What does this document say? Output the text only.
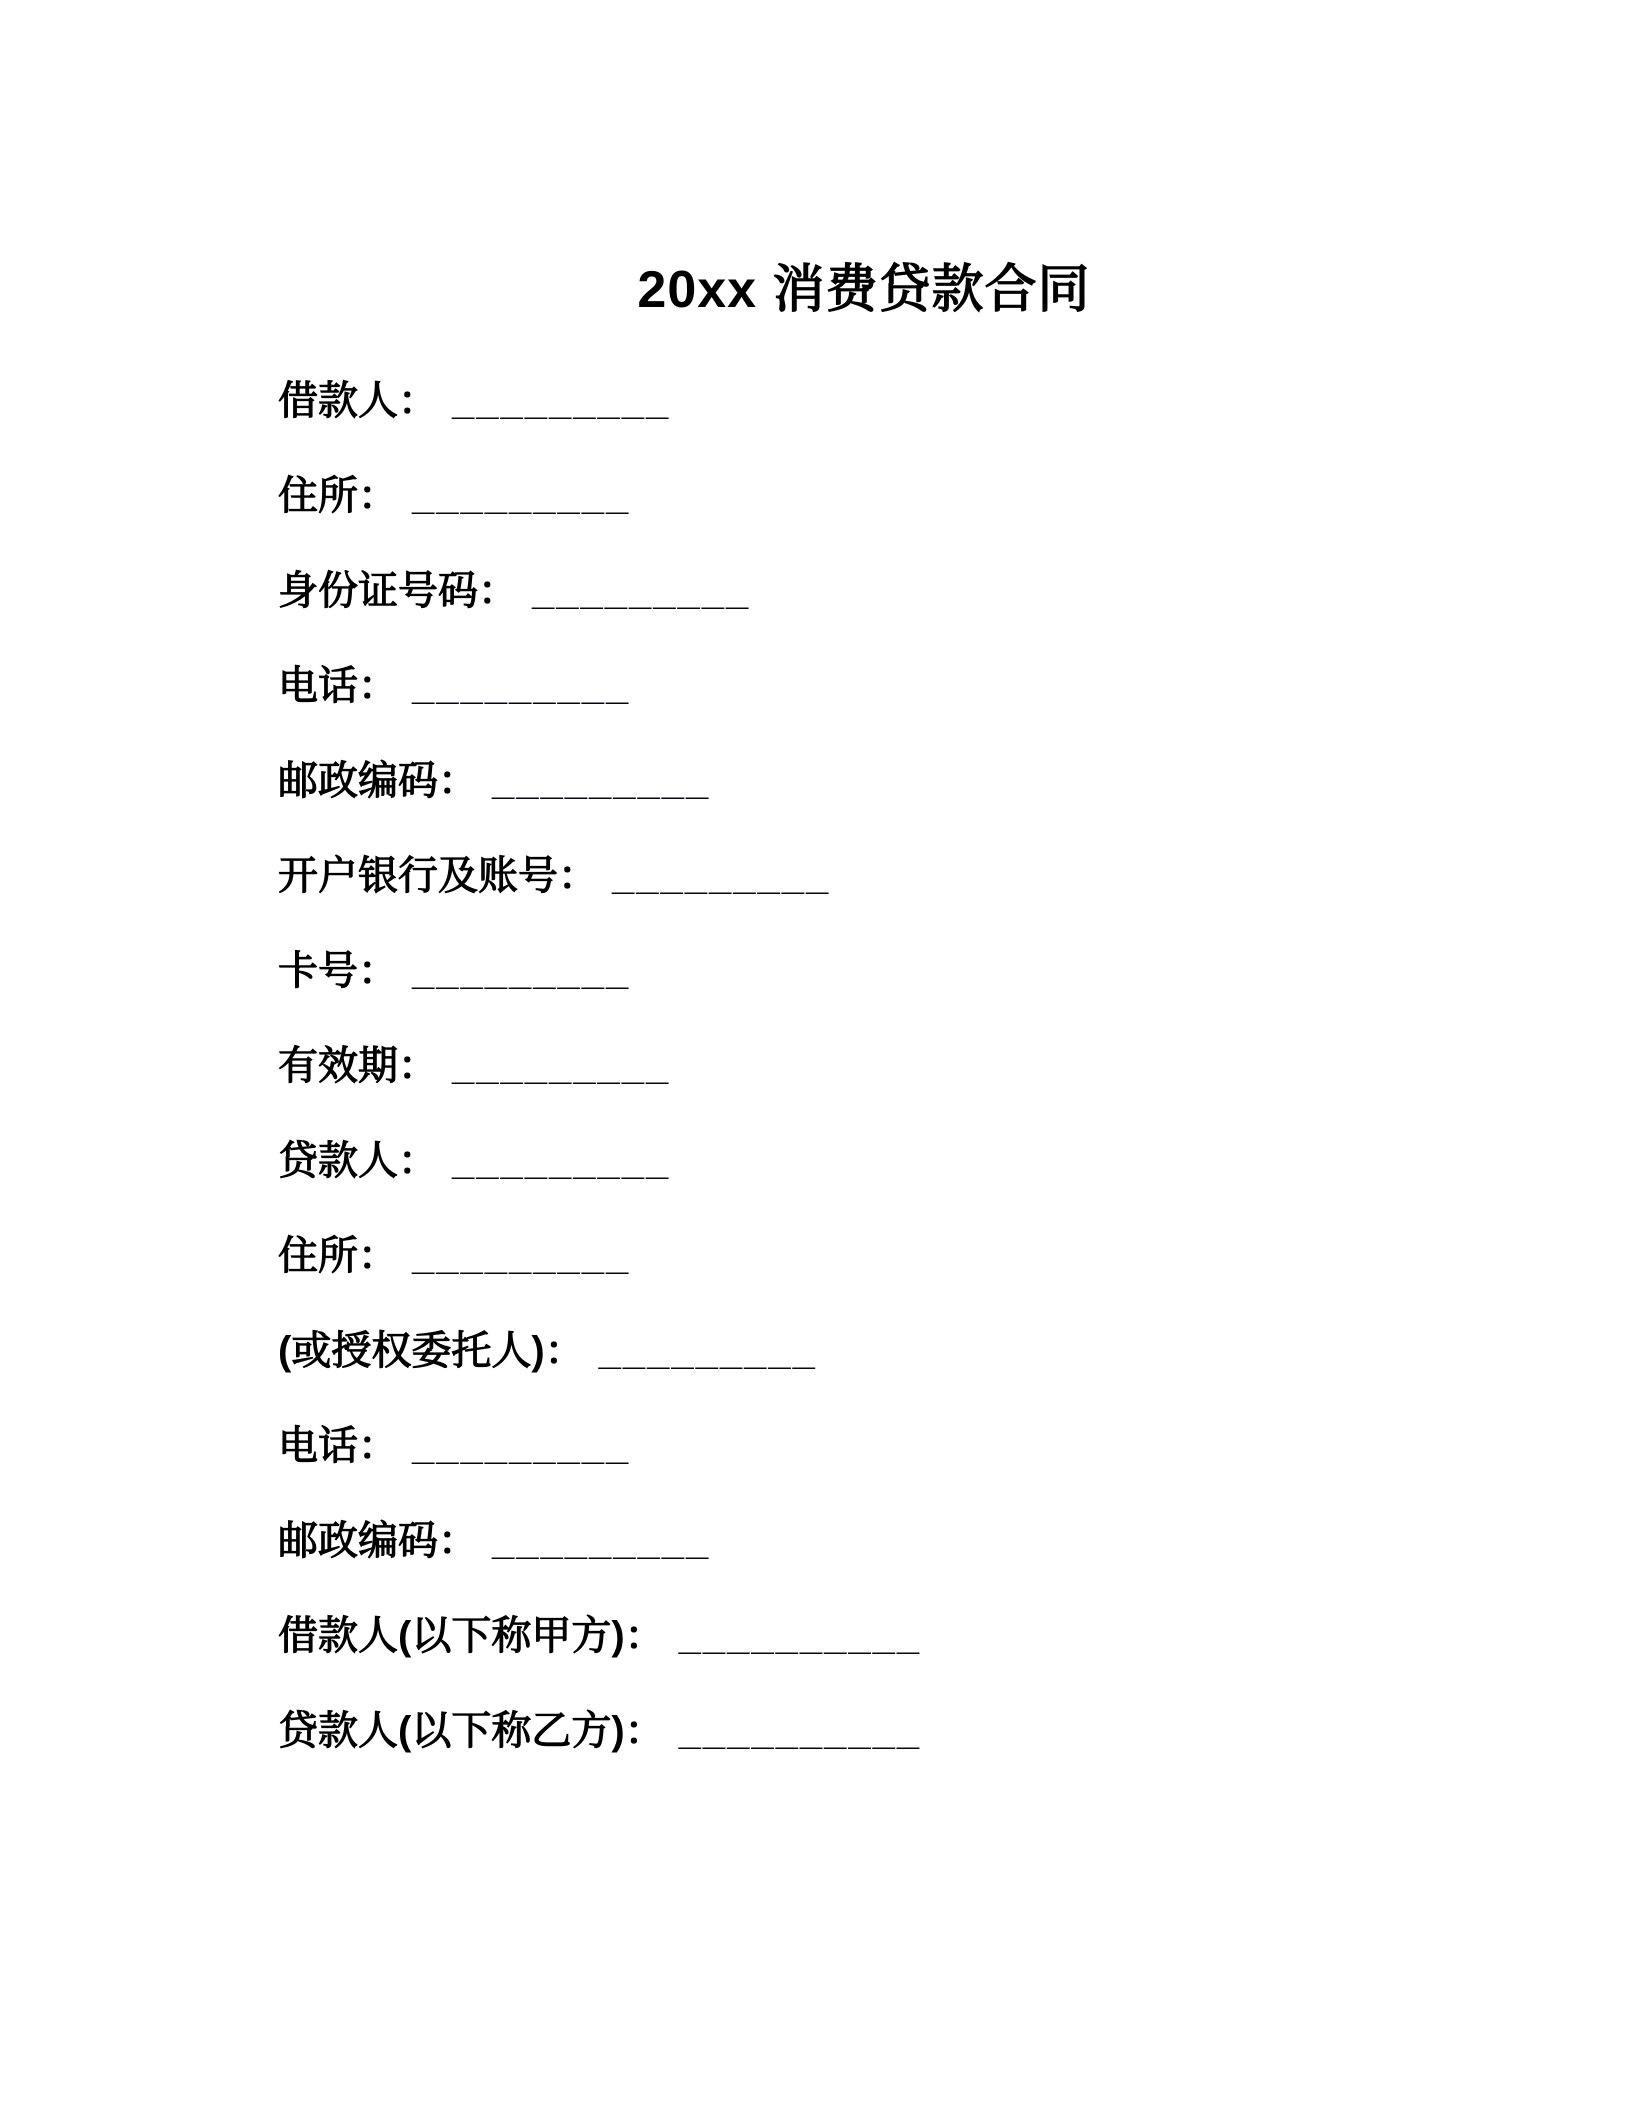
20xx 消费贷款合同
借款人： _________
住所： _________
身份证号码： _________
电话： _________
邮政编码： _________
开户银行及账号： _________
卡号： _________
有效期： _________
贷款人： _________
住所： _________
(或授权委托人)： _________
电话： _________
邮政编码： _________
借款人(以下称甲方)： __________
贷款人(以下称乙方)： __________
